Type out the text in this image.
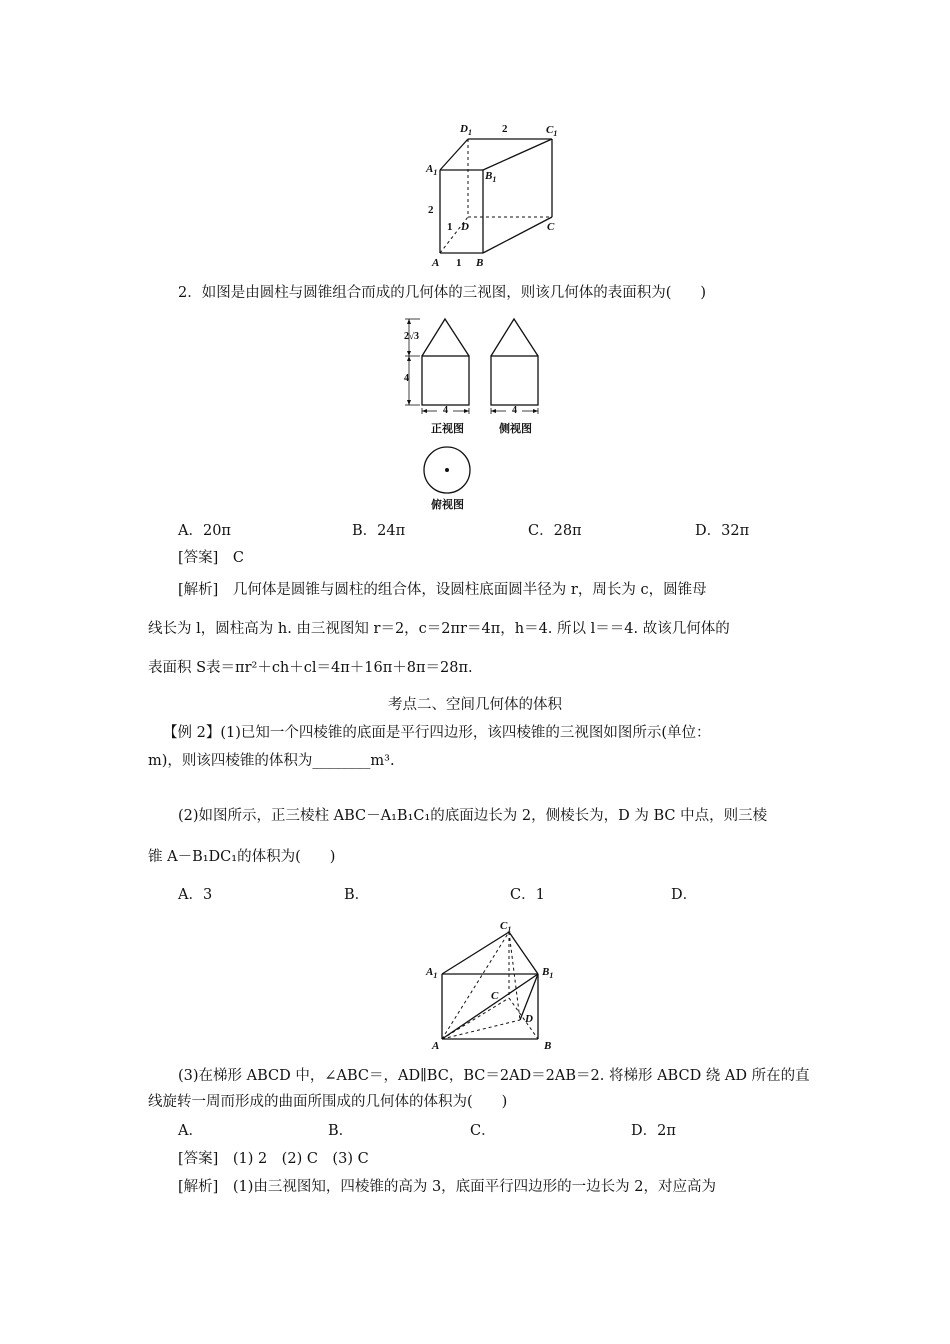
$D_1$	2	$C_1$
$A_1$	$B_1$
2
1 D	C
A 1 B
2．如图是由圆柱与圆锥组合而成的几何体的三视图，则该几何体的表面积为(　　)
2√3
4
4	4
正视图	侧视图
俯视图
A．20π	B．24π	C．28π	D．32π
[答案]　C
[解析]　几何体是圆锥与圆柱的组合体，设圆柱底面圆半径为 r，周长为 c，圆锥母
线长为 l，圆柱高为 h. 由三视图知 r＝2，c＝2πr＝4π，h＝4. 所以 l＝＝4. 故该几何体的
表面积 S表＝πr²＋ch＋cl＝4π＋16π＋8π＝28π.
考点二、空间几何体的体积
【例 2】(1)已知一个四棱锥的底面是平行四边形，该四棱锥的三视图如图所示(单位：
m)，则该四棱锥的体积为________m³.
(2)如图所示，正三棱柱 ABC－A₁B₁C₁的底面边长为 2，侧棱长为，D 为 BC 中点，则三棱
锥 A－B₁DC₁的体积为(　　)
A．3	B．	C．1	D．
$C_1$
$A_1$	$B_1$
C
D
A	B
(3)在梯形 ABCD 中，∠ABC＝，AD∥BC，BC＝2AD＝2AB＝2. 将梯形 ABCD 绕 AD 所在的直
线旋转一周而形成的曲面所围成的几何体的体积为(　　)
A．	B．	C．	D．2π
[答案]　(1) 2　(2) C　(3) C
[解析]　(1)由三视图知，四棱锥的高为 3，底面平行四边形的一边长为 2，对应高为
